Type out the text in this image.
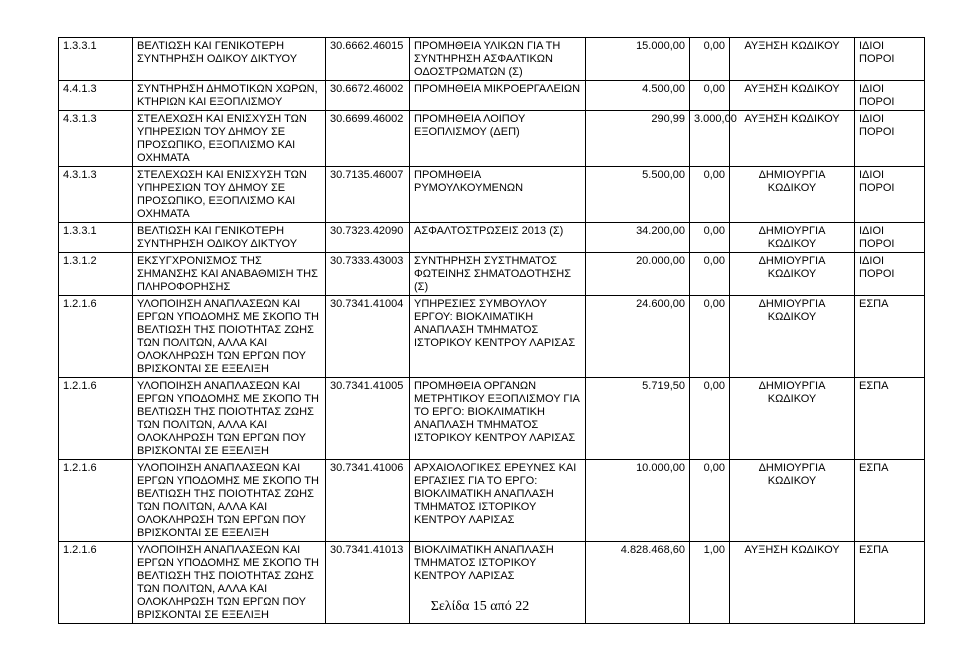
1.3.3.1	ΒΕΛΤΙΩΣΗ ΚΑΙ ΓΕΝΙΚΟΤΕΡΗ ΣΥΝΤΗΡΗΣΗ ΟΔΙΚΟΥ ΔΙΚΤΥΟΥ	30.6662.46015	ΠΡΟΜΗΘΕΙΑ ΥΛΙΚΩΝ ΓΙΑ ΤΗ ΣΥΝΤΗΡΗΣΗ ΑΣΦΑΛΤΙΚΩΝ ΟΔΟΣΤΡΩΜΑΤΩΝ (Σ)	15.000,00	0,00	ΑΥΞΗΣΗ ΚΩΔΙΚΟΥ	ΙΔΙΟΙ ΠΟΡΟΙ
4.4.1.3	ΣΥΝΤΗΡΗΣΗ ΔΗΜΟΤΙΚΩΝ ΧΩΡΩΝ, ΚΤΗΡΙΩΝ ΚΑΙ ΕΞΟΠΛΙΣΜΟΥ	30.6672.46002	ΠΡΟΜΗΘΕΙΑ ΜΙΚΡΟΕΡΓΑΛΕΙΩΝ	4.500,00	0,00	ΑΥΞΗΣΗ ΚΩΔΙΚΟΥ	ΙΔΙΟΙ ΠΟΡΟΙ
4.3.1.3	ΣΤΕΛΕΧΩΣΗ ΚΑΙ ΕΝΙΣΧΥΣΗ ΤΩΝ ΥΠΗΡΕΣΙΩΝ ΤΟΥ ΔΗΜΟΥ ΣΕ ΠΡΟΣΩΠΙΚΟ, ΕΞΟΠΛΙΣΜΟ ΚΑΙ ΟΧΗΜΑΤΑ	30.6699.46002	ΠΡΟΜΗΘΕΙΑ ΛΟΙΠΟΥ ΕΞΟΠΛΙΣΜΟΥ (ΔΕΠ)	290,99	3.000,00	ΑΥΞΗΣΗ ΚΩΔΙΚΟΥ	ΙΔΙΟΙ ΠΟΡΟΙ
4.3.1.3	ΣΤΕΛΕΧΩΣΗ ΚΑΙ ΕΝΙΣΧΥΣΗ ΤΩΝ ΥΠΗΡΕΣΙΩΝ ΤΟΥ ΔΗΜΟΥ ΣΕ ΠΡΟΣΩΠΙΚΟ, ΕΞΟΠΛΙΣΜΟ ΚΑΙ ΟΧΗΜΑΤΑ	30.7135.46007	ΠΡΟΜΗΘΕΙΑ ΡΥΜΟΥΛΚΟΥΜΕΝΩΝ	5.500,00	0,00	ΔΗΜΙΟΥΡΓΙΑ ΚΩΔΙΚΟΥ	ΙΔΙΟΙ ΠΟΡΟΙ
1.3.3.1	ΒΕΛΤΙΩΣΗ ΚΑΙ ΓΕΝΙΚΟΤΕΡΗ ΣΥΝΤΗΡΗΣΗ ΟΔΙΚΟΥ ΔΙΚΤΥΟΥ	30.7323.42090	ΑΣΦΑΛΤΟΣΤΡΩΣΕΙΣ 2013 (Σ)	34.200,00	0,00	ΔΗΜΙΟΥΡΓΙΑ ΚΩΔΙΚΟΥ	ΙΔΙΟΙ ΠΟΡΟΙ
1.3.1.2	ΕΚΣΥΓΧΡΟΝΙΣΜΟΣ ΤΗΣ ΣΗΜΑΝΣΗΣ ΚΑΙ ΑΝΑΒΑΘΜΙΣΗ ΤΗΣ ΠΛΗΡΟΦΟΡΗΣΗΣ	30.7333.43003	ΣΥΝΤΗΡΗΣΗ ΣΥΣΤΗΜΑΤΟΣ ΦΩΤΕΙΝΗΣ ΣΗΜΑΤΟΔΟΤΗΣΗΣ (Σ)	20.000,00	0,00	ΔΗΜΙΟΥΡΓΙΑ ΚΩΔΙΚΟΥ	ΙΔΙΟΙ ΠΟΡΟΙ
1.2.1.6	ΥΛΟΠΟΙΗΣΗ ΑΝΑΠΛΑΣΕΩΝ ΚΑΙ ΕΡΓΩΝ ΥΠΟΔΟΜΗΣ ΜΕ ΣΚΟΠΟ ΤΗ ΒΕΛΤΙΩΣΗ ΤΗΣ ΠΟΙΟΤΗΤΑΣ ΖΩΗΣ ΤΩΝ ΠΟΛΙΤΩΝ, ΑΛΛΑ ΚΑΙ ΟΛΟΚΛΗΡΩΣΗ ΤΩΝ ΕΡΓΩΝ ΠΟΥ ΒΡΙΣΚΟΝΤΑΙ ΣΕ ΕΞΕΛΙΞΗ	30.7341.41004	ΥΠΗΡΕΣΙΕΣ ΣΥΜΒΟΥΛΟΥ ΕΡΓΟΥ: ΒΙΟΚΛΙΜΑΤΙΚΗ ΑΝΑΠΛΑΣΗ ΤΜΗΜΑΤΟΣ ΙΣΤΟΡΙΚΟΥ ΚΕΝΤΡΟΥ ΛΑΡΙΣΑΣ	24.600,00	0,00	ΔΗΜΙΟΥΡΓΙΑ ΚΩΔΙΚΟΥ	ΕΣΠΑ
1.2.1.6	ΥΛΟΠΟΙΗΣΗ ΑΝΑΠΛΑΣΕΩΝ ΚΑΙ ΕΡΓΩΝ ΥΠΟΔΟΜΗΣ ΜΕ ΣΚΟΠΟ ΤΗ ΒΕΛΤΙΩΣΗ ΤΗΣ ΠΟΙΟΤΗΤΑΣ ΖΩΗΣ ΤΩΝ ΠΟΛΙΤΩΝ, ΑΛΛΑ ΚΑΙ ΟΛΟΚΛΗΡΩΣΗ ΤΩΝ ΕΡΓΩΝ ΠΟΥ ΒΡΙΣΚΟΝΤΑΙ ΣΕ ΕΞΕΛΙΞΗ	30.7341.41005	ΠΡΟΜΗΘΕΙΑ ΟΡΓΑΝΩΝ ΜΕΤΡΗΤΙΚΟΥ ΕΞΟΠΛΙΣΜΟΥ ΓΙΑ ΤΟ ΕΡΓΟ: ΒΙΟΚΛΙΜΑΤΙΚΗ ΑΝΑΠΛΑΣΗ ΤΜΗΜΑΤΟΣ ΙΣΤΟΡΙΚΟΥ ΚΕΝΤΡΟΥ ΛΑΡΙΣΑΣ	5.719,50	0,00	ΔΗΜΙΟΥΡΓΙΑ ΚΩΔΙΚΟΥ	ΕΣΠΑ
1.2.1.6	ΥΛΟΠΟΙΗΣΗ ΑΝΑΠΛΑΣΕΩΝ ΚΑΙ ΕΡΓΩΝ ΥΠΟΔΟΜΗΣ ΜΕ ΣΚΟΠΟ ΤΗ ΒΕΛΤΙΩΣΗ ΤΗΣ ΠΟΙΟΤΗΤΑΣ ΖΩΗΣ ΤΩΝ ΠΟΛΙΤΩΝ, ΑΛΛΑ ΚΑΙ ΟΛΟΚΛΗΡΩΣΗ ΤΩΝ ΕΡΓΩΝ ΠΟΥ ΒΡΙΣΚΟΝΤΑΙ ΣΕ ΕΞΕΛΙΞΗ	30.7341.41006	ΑΡΧΑΙΟΛΟΓΙΚΕΣ ΕΡΕΥΝΕΣ ΚΑΙ ΕΡΓΑΣΙΕΣ ΓΙΑ ΤΟ ΕΡΓΟ: ΒΙΟΚΛΙΜΑΤΙΚΗ ΑΝΑΠΛΑΣΗ ΤΜΗΜΑΤΟΣ ΙΣΤΟΡΙΚΟΥ ΚΕΝΤΡΟΥ ΛΑΡΙΣΑΣ	10.000,00	0,00	ΔΗΜΙΟΥΡΓΙΑ ΚΩΔΙΚΟΥ	ΕΣΠΑ
1.2.1.6	ΥΛΟΠΟΙΗΣΗ ΑΝΑΠΛΑΣΕΩΝ ΚΑΙ ΕΡΓΩΝ ΥΠΟΔΟΜΗΣ ΜΕ ΣΚΟΠΟ ΤΗ ΒΕΛΤΙΩΣΗ ΤΗΣ ΠΟΙΟΤΗΤΑΣ ΖΩΗΣ ΤΩΝ ΠΟΛΙΤΩΝ, ΑΛΛΑ ΚΑΙ ΟΛΟΚΛΗΡΩΣΗ ΤΩΝ ΕΡΓΩΝ ΠΟΥ ΒΡΙΣΚΟΝΤΑΙ ΣΕ ΕΞΕΛΙΞΗ	30.7341.41013	ΒΙΟΚΛΙΜΑΤΙΚΗ ΑΝΑΠΛΑΣΗ ΤΜΗΜΑΤΟΣ ΙΣΤΟΡΙΚΟΥ ΚΕΝΤΡΟΥ ΛΑΡΙΣΑΣ	4.828.468,60	1,00	ΑΥΞΗΣΗ ΚΩΔΙΚΟΥ	ΕΣΠΑ
Σελίδα 15 από 22
